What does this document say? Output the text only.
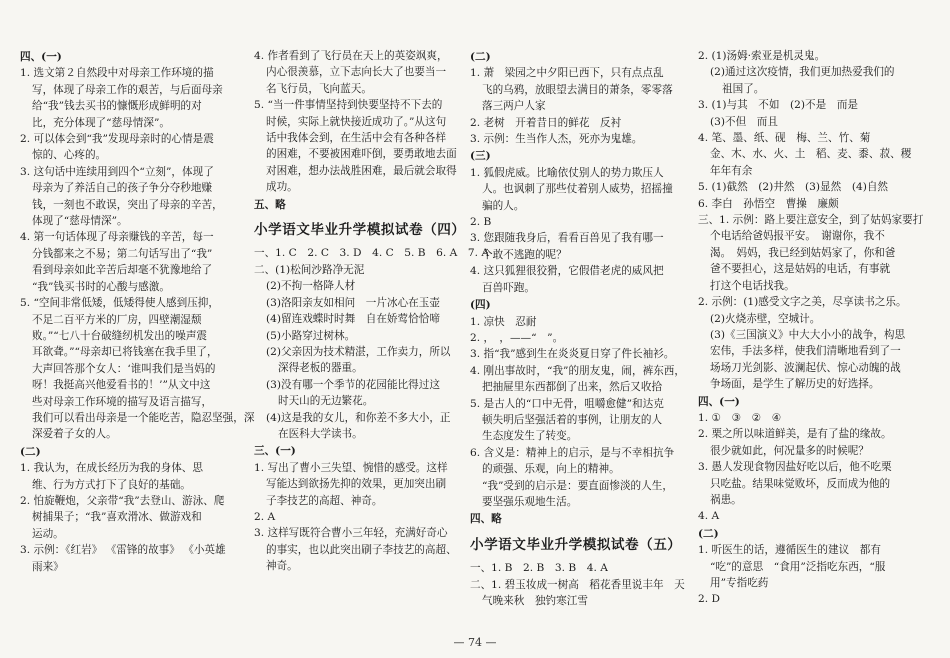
四、(一)
1. 选文第２自然段中对母亲工作环境的描
写，体现了母亲工作的艰苦，与后面母亲
给“我”钱去买书的慷慨形成鲜明的对
比，充分体现了“慈母情深”。
2. 可以体会到“我”发现母亲时的心情是震
惊的、心疼的。
3. 这句话中连续用到四个“立刻”，体现了
母亲为了养活自己的孩子争分夺秒地赚
钱，一刻也不敢误，突出了母亲的辛苦，
体现了“慈母情深”。
4. 第一句话体现了母亲赚钱的辛苦，每一
分钱都来之不易；第二句话写出了“我”
看到母亲如此辛苦后却毫不犹豫地给了
“我”钱买书时的心酸与感激。
5. “空间非常低矮，低矮得使人感到压抑，
不足二百平方米的厂房，四壁潮湿颓
败。”“七八十台破缝纫机发出的噪声震
耳欲聋。”“母亲却已将钱塞在我手里了，
大声回答那个女人：‘谁叫我们是当妈的
呀！我挺高兴他爱看书的！’”从文中这
些对母亲工作环境的描写及语言描写，
我们可以看出母亲是一个能吃苦，隐忍坚强，深
深爱着子女的人。
(二)
1. 我认为，在成长经历为我的身体、思
维、行为方式打下了良好的基础。
2. 怕旋鞭炮，父亲带“我”去登山、游泳、爬
树捕果子；“我”喜欢滑冰、做游戏和
运动。
3. 示例：《红岩》 《雷锋的故事》 《小英雄
雨来》
4. 作者看到了飞行员在天上的英姿飒爽，
内心很羡慕，立下志向长大了也要当一
名飞行员，飞向蓝天。
5. “当一件事情坚持到快要坚持不下去的
时候，实际上就快接近成功了。”从这句
话中我体会到，在生活中会有各种各样
的困难，不要被困难吓倒，要勇敢地去面
对困难，想办法战胜困难，最后就会取得
成功。
五、略
小学语文毕业升学模拟试卷（四）
一、1. C　2. C　3. D　4. C　5. B　6. A　7. A
二、(1)松间沙路净无泥
(2)不拘一格降人材
(3)洛阳亲友如相问　一片冰心在玉壶
(4)留连戏蝶时时舞　自在娇莺恰恰啼
(5)小路穿过树林。
(2)父亲因为技术精湛，工作卖力，所以
深得老板的器重。
(3)没有哪一个季节的花园能比得过这
时天山的无边繁花。
(4)这是我的女儿，和你差不多大小，正
在医科大学读书。
三、(一)
1. 写出了曹小三失望、惋惜的感受。这样
写能达到欲扬先抑的效果，更加突出刷
子李技艺的高超、神奇。
2. A
3. 这样写既符合曹小三年轻，充满好奇心
的事实，也以此突出刷子李技艺的高超、
神奇。
(二)
1. 萧　梁园之中夕阳已西下，只有点点乱
飞的乌鸦，放眼望去满目的萧条，零零落
落三两户人家
2. 老树　开着昔日的鲜花　反衬
3. 示例：生当作人杰，死亦为鬼雄。
(三)
1. 狐假虎威。比喻依仗别人的势力欺压人
人。也讽刺了那些仗着别人威势，招摇撞
骗的人。
2. B
3. 您跟随我身后，看看百兽见了我有哪一
个敢不逃跑的呢？
4. 这只狐狸很狡猾，它假借老虎的威风把
百兽吓跑。
(四)
1. 凉快　忍耐
2. ，　，——“　”。
3. 指“我”感到生在炎炎夏日穿了件长袖衫。
4. 刚出事故时，“我”的朋友鬼，闹，裤东西，
把抽屉里东西都倒了出来，然后又收拾
5. 是古人的“口中无骨，咀嚼愈健”和达克
顿失明后坚强活着的事例，让朋友的人
生态度发生了转变。
6. 含义是：精神上的启示，是与不幸相抗争
的顽强、乐观，向上的精神。
“我”受到的启示是：要直面惨淡的人生，
要坚强乐观地生活。
四、略
小学语文毕业升学模拟试卷（五）
一、1. B　2. B　3. B　4. A
二、1. 碧玉妆成一树高　稻花香里说丰年　天
气晚来秋　独钓寒江雪
2. (1)汤姆·索亚是机灵鬼。
(2)通过这次疫情，我们更加热爱我们的
祖国了。
3. (1)与其　不如　(2)不是　而是
(3)不但　而且
4. 笔、墨、纸、砚　梅、兰、竹、菊
金、木、水、火、土　稻、麦、黍、菽、稷
年年有余
5. (1)截然　(2)井然　(3)显然　(4)自然
6. 李白　孙悟空　曹操　廉颇
三、1. 示例：路上要注意安全，到了姑妈家要打
个电话给爸妈报平安。　谢谢你，我不
渴。　妈妈，我已经到姑妈家了，你和爸
爸不要担心，这是姑妈的电话，有事就
打这个电话找我。
2. 示例：(1)感受文字之美，尽享读书之乐。
(2)火烧赤壁，空城计。
(3)《三国演义》中大大小小的战争，构思
宏伟，手法多样，使我们清晰地看到了一
场场刀光剑影、波澜起伏、惊心动魄的战
争场面，是学生了解历史的好选择。
四、(一)
1. ①　③　②　④
2. 栗之所以味道鲜美，是有了盐的缘故。
很少就如此，何况量多的时候呢？
3. 愚人发现食物因盐好吃以后，他不吃栗
只吃盐。结果味觉败坏，反而成为他的
祸患。
4. A
(二)
1. 听医生的话，遵循医生的建议　都有
“吃”的意思　“食用”泛指吃东西，“服
用”专指吃药
2. D
— 74 —
